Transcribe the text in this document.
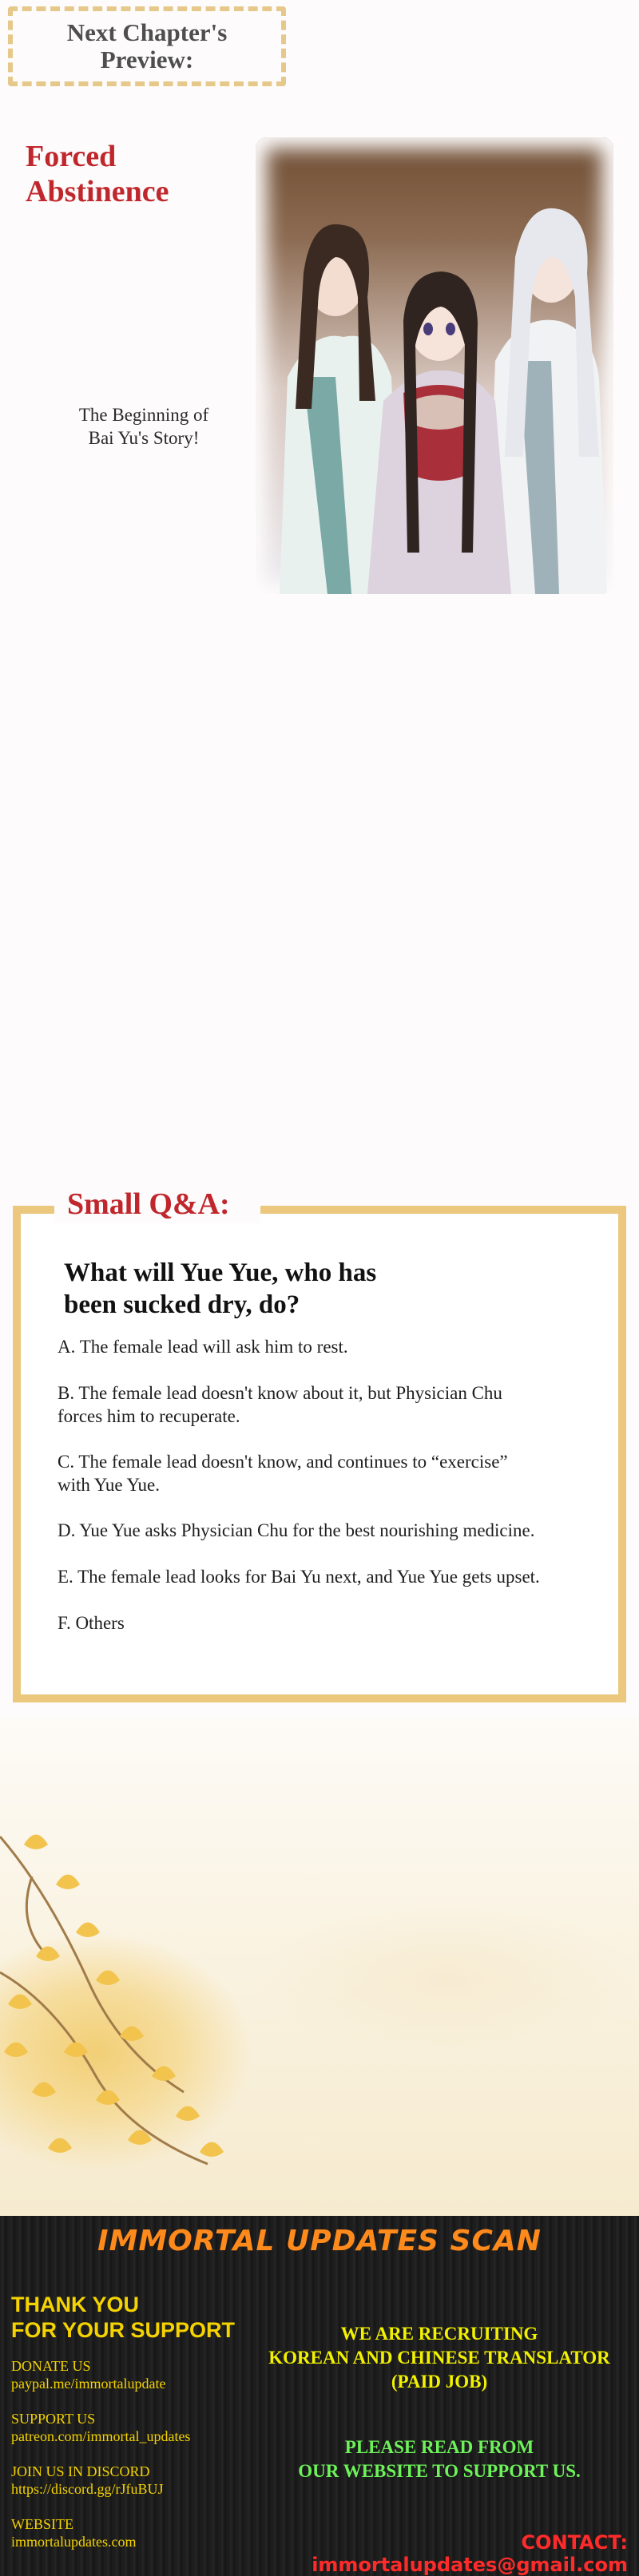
Next Chapter's
Preview:
Forced
Abstinence
The Beginning of
Bai Yu's Story!
Small Q&A:
What will Yue Yue, who has
been sucked dry, do?
A. The female lead will ask him to rest.
B. The female lead doesn't know about it, but Physician Chu
forces him to recuperate.
C. The female lead doesn't know, and continues to “exercise”
with Yue Yue.
D. Yue Yue asks Physician Chu for the best nourishing medicine.
E. The female lead looks for Bai Yu next, and Yue Yue gets upset.
F. Others
IMMORTAL UPDATES SCAN
THANK YOU
FOR YOUR SUPPORT
DONATE US
paypal.me/immortalupdate
SUPPORT US
patreon.com/immortal_updates
JOIN US IN DISCORD
https://discord.gg/rJfuBUJ
WEBSITE
immortalupdates.com
WE ARE RECRUITING
KOREAN AND CHINESE TRANSLATOR
(PAID JOB)
PLEASE READ FROM
OUR WEBSITE TO SUPPORT US.
CONTACT: immortalupdates@gmail.com
